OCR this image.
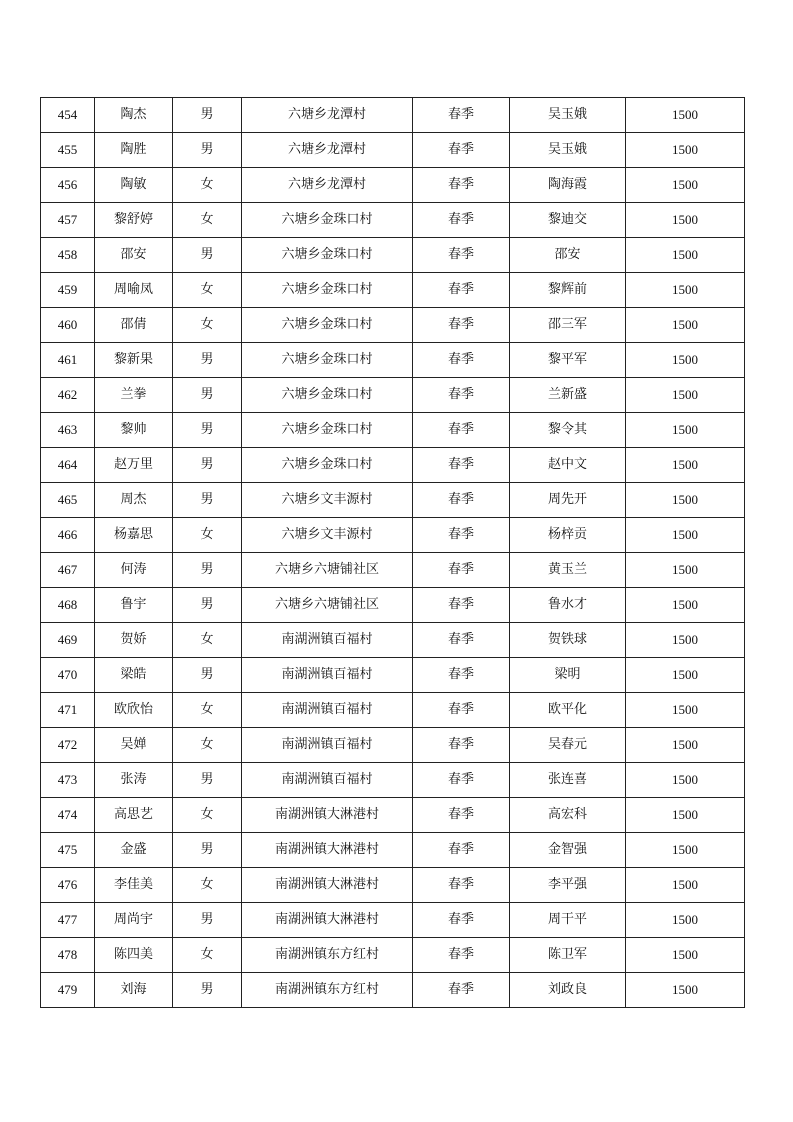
454	陶杰	男	六塘乡龙潭村	春季	吴玉娥	1500
455	陶胜	男	六塘乡龙潭村	春季	吴玉娥	1500
456	陶敏	女	六塘乡龙潭村	春季	陶海霞	1500
457	黎舒婷	女	六塘乡金珠口村	春季	黎迪交	1500
458	邵安	男	六塘乡金珠口村	春季	邵安	1500
459	周喻凤	女	六塘乡金珠口村	春季	黎辉前	1500
460	邵倩	女	六塘乡金珠口村	春季	邵三军	1500
461	黎新果	男	六塘乡金珠口村	春季	黎平军	1500
462	兰拳	男	六塘乡金珠口村	春季	兰新盛	1500
463	黎帅	男	六塘乡金珠口村	春季	黎令其	1500
464	赵万里	男	六塘乡金珠口村	春季	赵中文	1500
465	周杰	男	六塘乡文丰源村	春季	周先开	1500
466	杨嘉思	女	六塘乡文丰源村	春季	杨梓贡	1500
467	何涛	男	六塘乡六塘铺社区	春季	黄玉兰	1500
468	鲁宇	男	六塘乡六塘铺社区	春季	鲁水才	1500
469	贺娇	女	南湖洲镇百福村	春季	贺铁球	1500
470	梁皓	男	南湖洲镇百福村	春季	梁明	1500
471	欧欣怡	女	南湖洲镇百福村	春季	欧平化	1500
472	吴婵	女	南湖洲镇百福村	春季	吴春元	1500
473	张涛	男	南湖洲镇百福村	春季	张连喜	1500
474	高思艺	女	南湖洲镇大淋港村	春季	高宏科	1500
475	金盛	男	南湖洲镇大淋港村	春季	金智强	1500
476	李佳美	女	南湖洲镇大淋港村	春季	李平强	1500
477	周尚宇	男	南湖洲镇大淋港村	春季	周干平	1500
478	陈四美	女	南湖洲镇东方红村	春季	陈卫军	1500
479	刘海	男	南湖洲镇东方红村	春季	刘政良	1500
